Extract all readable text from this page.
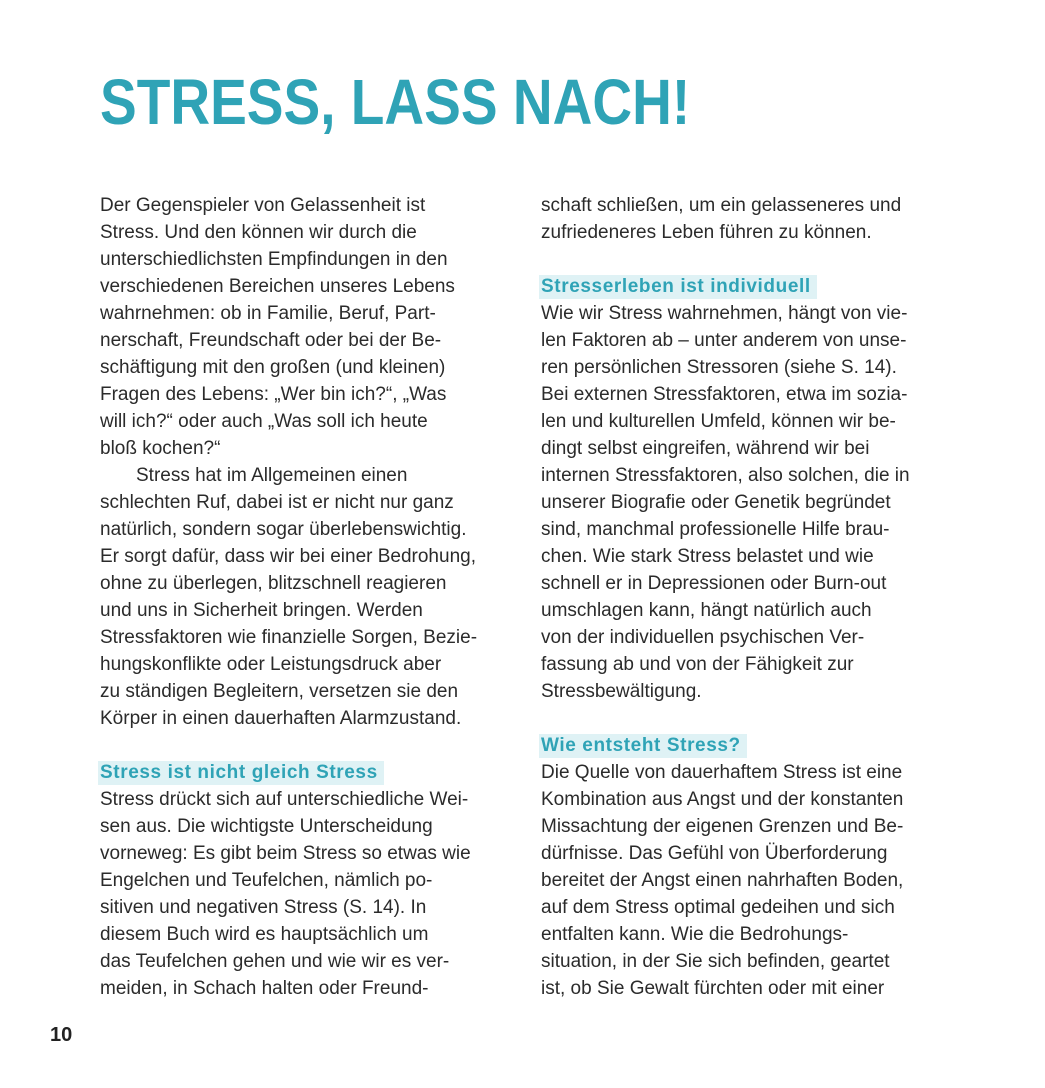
STRESS, LASS NACH!
Der Gegenspieler von Gelassenheit ist
Stress. Und den können wir durch die
unterschiedlichsten Empfindungen in den
verschiedenen Bereichen unseres Lebens
wahrnehmen: ob in Familie, Beruf, Part-
nerschaft, Freundschaft oder bei der Be-
schäftigung mit den großen (und kleinen)
Fragen des Lebens: „Wer bin ich?“, „Was
will ich?“ oder auch „Was soll ich heute
bloß kochen?“
Stress hat im Allgemeinen einen
schlechten Ruf, dabei ist er nicht nur ganz
natürlich, sondern sogar überlebenswichtig.
Er sorgt dafür, dass wir bei einer Bedrohung,
ohne zu überlegen, blitzschnell reagieren
und uns in Sicherheit bringen. Werden
Stressfaktoren wie finanzielle Sorgen, Bezie-
hungskonflikte oder Leistungsdruck aber
zu ständigen Begleitern, versetzen sie den
Körper in einen dauerhaften Alarmzustand.
Stress ist nicht gleich Stress
Stress drückt sich auf unterschiedliche Wei-
sen aus. Die wichtigste Unterscheidung
vorneweg: Es gibt beim Stress so etwas wie
Engelchen und Teufelchen, nämlich po-
sitiven und negativen Stress (S. 14). In
diesem Buch wird es hauptsächlich um
das Teufelchen gehen und wie wir es ver-
meiden, in Schach halten oder Freund-
schaft schließen, um ein gelasseneres und
zufriedeneres Leben führen zu können.
Stresserleben ist individuell
Wie wir Stress wahrnehmen, hängt von vie-
len Faktoren ab – unter anderem von unse-
ren persönlichen Stressoren (siehe S. 14).
Bei externen Stressfaktoren, etwa im sozia-
len und kulturellen Umfeld, können wir be-
dingt selbst eingreifen, während wir bei
internen Stressfaktoren, also solchen, die in
unserer Biografie oder Genetik begründet
sind, manchmal professionelle Hilfe brau-
chen. Wie stark Stress belastet und wie
schnell er in Depressionen oder Burn-out
umschlagen kann, hängt natürlich auch
von der individuellen psychischen Ver-
fassung ab und von der Fähigkeit zur
Stressbewältigung.
Wie entsteht Stress?
Die Quelle von dauerhaftem Stress ist eine
Kombination aus Angst und der konstanten
Missachtung der eigenen Grenzen und Be-
dürfnisse. Das Gefühl von Überforderung
bereitet der Angst einen nahrhaften Boden,
auf dem Stress optimal gedeihen und sich
entfalten kann. Wie die Bedrohungs-
situation, in der Sie sich befinden, geartet
ist, ob Sie Gewalt fürchten oder mit einer
10
